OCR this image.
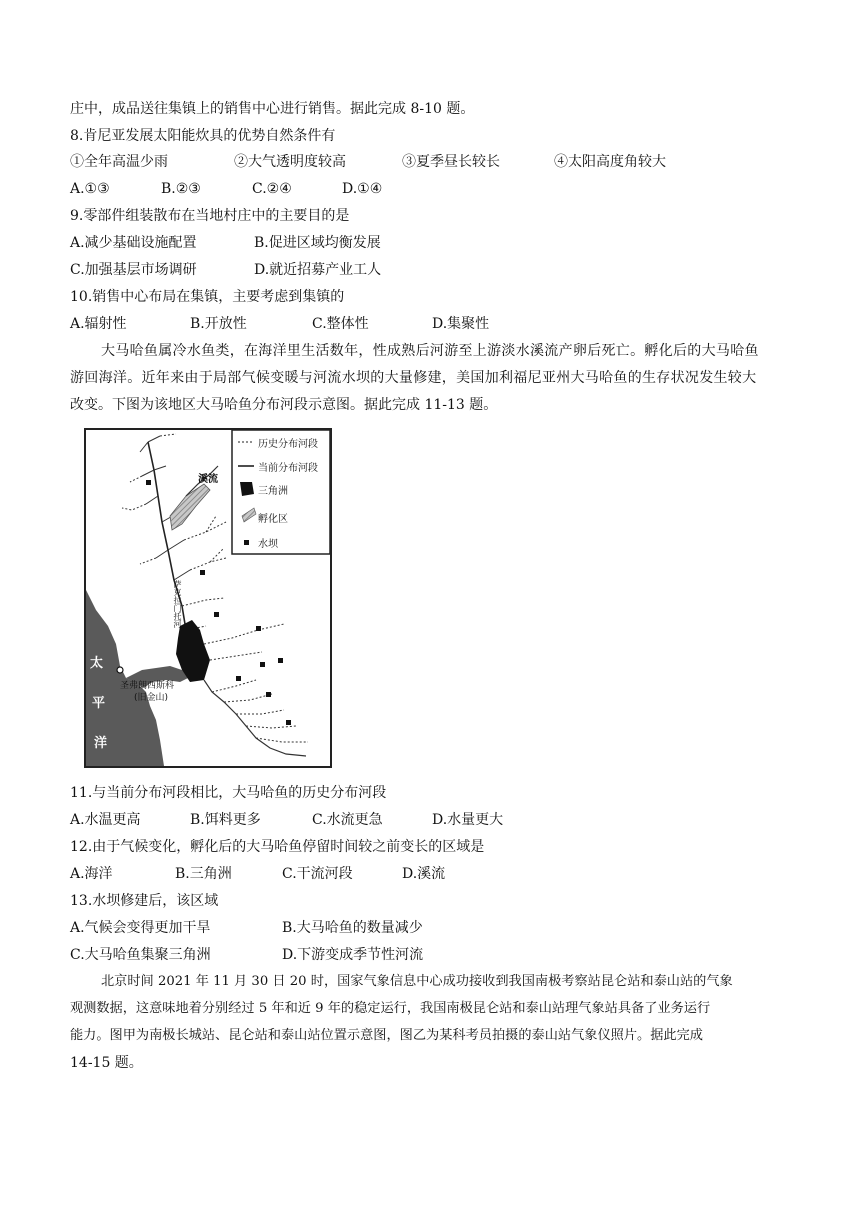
庄中，成品送往集镇上的销售中心进行销售。据此完成 8-10 题。
8.肯尼亚发展太阳能炊具的优势自然条件有
①全年高温少雨	②大气透明度较高	③夏季昼长较长	④太阳高度角较大
A.①③	B.②③	C.②④	D.①④
9.零部件组装散布在当地村庄中的主要目的是
A.减少基础设施配置	B.促进区域均衡发展
C.加强基层市场调研	D.就近招募产业工人
10.销售中心布局在集镇，主要考虑到集镇的
A.辐射性	B.开放性	C.整体性	D.集聚性
大马哈鱼属冷水鱼类，在海洋里生活数年，性成熟后河游至上游淡水溪流产卵后死亡。孵化后的大马哈鱼
游回海洋。近年来由于局部气候变暖与河流水坝的大量修建，美国加利福尼亚州大马哈鱼的生存状况发生较大
改变。下图为该地区大马哈鱼分布河段示意图。据此完成 11-13 题。
历史分布河段
当前分布河段
三角洲
孵化区
水坝
溪流
萨克拉门托河
圣弗朗西斯科
(旧金山)
太
平
洋
11.与当前分布河段相比，大马哈鱼的历史分布河段
A.水温更高	B.饵料更多	C.水流更急	D.水量更大
12.由于气候变化，孵化后的大马哈鱼停留时间较之前变长的区域是
A.海洋	B.三角洲	C.干流河段	D.溪流
13.水坝修建后，该区域
A.气候会变得更加干旱	B.大马哈鱼的数量减少
C.大马哈鱼集聚三角洲	D.下游变成季节性河流
北京时间 2021 年 11 月 30 日 20 时，国家气象信息中心成功接收到我国南极考察站昆仑站和泰山站的气象
观测数据，这意味地着分别经过 5 年和近 9 年的稳定运行，我国南极昆仑站和泰山站理气象站具备了业务运行
能力。图甲为南极长城站、昆仑站和泰山站位置示意图，图乙为某科考员拍摄的泰山站气象仪照片。据此完成
14-15 题。
